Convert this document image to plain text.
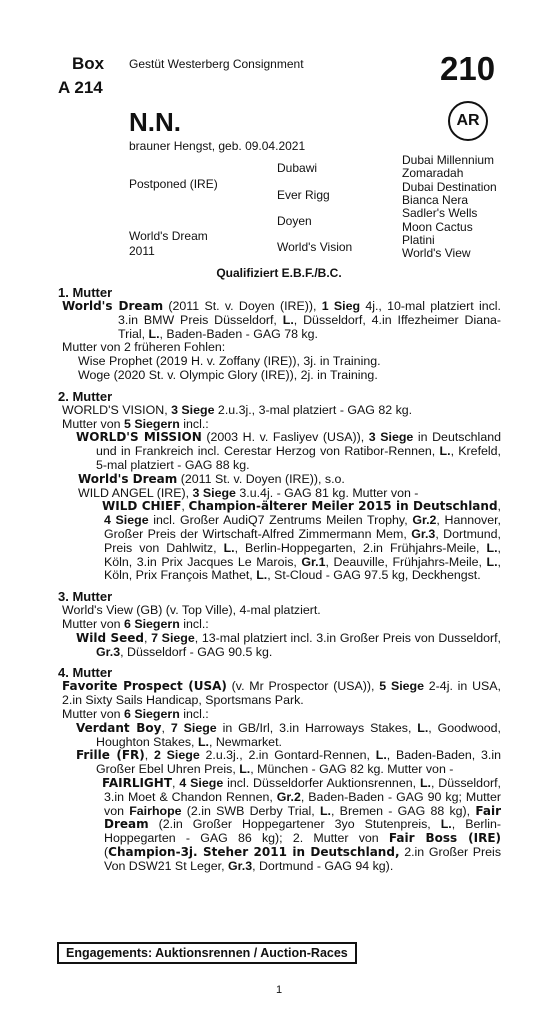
Box
A 214
Gestüt Westerberg Consignment	210
AR
N.N.
brauner Hengst, geb. 09.04.2021
Postponed (IRE)
World's Dream
2011
Dubawi
Ever Rigg
Doyen
World's Vision
Dubai Millennium
Zomaradah
Dubai Destination
Bianca Nera
Sadler's Wells
Moon Cactus
Platini
World's View
Qualifiziert E.B.F./B.C.
1. Mutter
World's Dream (2011 St. v. Doyen (IRE)), 1 Sieg 4j., 10-mal platziert incl. 3.in BMW Preis Düsseldorf, L., Düsseldorf, 4.in Iffezheimer Diana-Trial, L., Baden-Baden - GAG 78 kg.
Mutter von 2 früheren Fohlen:
Wise Prophet (2019 H. v. Zoffany (IRE)), 3j. in Training.
Woge (2020 St. v. Olympic Glory (IRE)), 2j. in Training.
2. Mutter
WORLD'S VISION, 3 Siege 2.u.3j., 3-mal platziert - GAG 82 kg.
Mutter von 5 Siegern incl.:
WORLD'S MISSION (2003 H. v. Fasliyev (USA)), 3 Siege in Deutschland und in Frankreich incl. Cerestar Herzog von Ratibor-Rennen, L., Krefeld, 5-mal platziert - GAG 88 kg.
World's Dream (2011 St. v. Doyen (IRE)), s.o.
WILD ANGEL (IRE), 3 Siege 3.u.4j. - GAG 81 kg. Mutter von -
WILD CHIEF, Champion-älterer Meiler 2015 in Deutschland, 4 Siege incl. Großer AudiQ7 Zentrums Meilen Trophy, Gr.2, Hannover, Großer Preis der Wirtschaft-Alfred Zimmermann Mem, Gr.3, Dortmund, Preis von Dahlwitz, L., Berlin-Hoppegarten, 2.in Frühjahrs-Meile, L., Köln, 3.in Prix Jacques Le Marois, Gr.1, Deauville, Frühjahrs-Meile, L., Köln, Prix François Mathet, L., St-Cloud - GAG 97.5 kg, Deckhengst.
3. Mutter
World's View (GB) (v. Top Ville), 4-mal platziert.
Mutter von 6 Siegern incl.:
Wild Seed, 7 Siege, 13-mal platziert incl. 3.in Großer Preis von Dusseldorf, Gr.3, Düsseldorf - GAG 90.5 kg.
4. Mutter
Favorite Prospect (USA) (v. Mr Prospector (USA)), 5 Siege 2-4j. in USA, 2.in Sixty Sails Handicap, Sportsmans Park.
Mutter von 6 Siegern incl.:
Verdant Boy, 7 Siege in GB/Irl, 3.in Harroways Stakes, L., Goodwood, Houghton Stakes, L., Newmarket.
Frille (FR), 2 Siege 2.u.3j., 2.in Gontard-Rennen, L., Baden-Baden, 3.in Großer Ebel Uhren Preis, L., München - GAG 82 kg. Mutter von -
FAIRLIGHT, 4 Siege incl. Düsseldorfer Auktionsrennen, L., Düsseldorf, 3.in Moet & Chandon Rennen, Gr.2, Baden-Baden - GAG 90 kg; Mutter von Fairhope (2.in SWB Derby Trial, L., Bremen - GAG 88 kg), Fair Dream (2.in Großer Hoppegartener 3yo Stutenpreis, L., Berlin-Hoppegarten - GAG 86 kg); 2. Mutter von Fair Boss (IRE) (Champion-3j. Steher 2011 in Deutschland, 2.in Großer Preis Von DSW21 St Leger, Gr.3, Dortmund - GAG 94 kg).
Engagements: Auktionsrennen / Auction-Races
1
